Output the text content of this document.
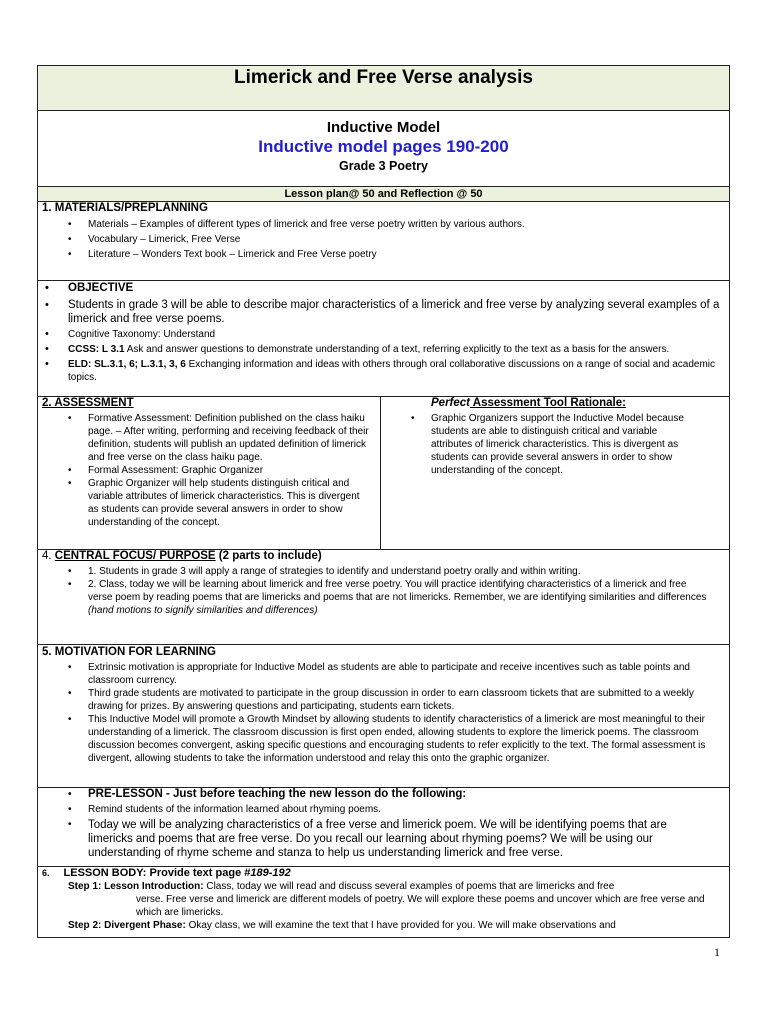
Limerick and Free Verse analysis

Inductive Model
Inductive model pages 190-200
Grade 3 Poetry

Lesson plan@ 50 and Reflection @ 50

1. MATERIALS/PREPLANNING
• Materials – Examples of different types of limerick and free verse poetry written by various authors.
• Vocabulary – Limerick, Free Verse
• Literature – Wonders Text book – Limerick and Free Verse poetry

• OBJECTIVE
• Students in grade 3 will be able to describe major characteristics of a limerick and free verse by analyzing several examples of a limerick and free verse poems.
• Cognitive Taxonomy: Understand
• CCSS: L 3.1 Ask and answer questions to demonstrate understanding of a text, referring explicitly to the text as a basis for the answers.
• ELD: SL.3.1, 6; L.3.1, 3, 6 Exchanging information and ideas with others through oral collaborative discussions on a range of social and academic topics.

2. ASSESSMENT
• Formative Assessment: Definition published on the class haiku page. – After writing, performing and receiving feedback of their definition, students will publish an updated definition of limerick and free verse on the class haiku page.
• Formal Assessment: Graphic Organizer
• Graphic Organizer will help students distinguish critical and variable attributes of limerick characteristics. This is divergent as students can provide several answers in order to show understanding of the concept.

Perfect Assessment Tool Rationale:
• Graphic Organizers support the Inductive Model because students are able to distinguish critical and variable attributes of limerick characteristics. This is divergent as students can provide several answers in order to show understanding of the concept.

4. CENTRAL FOCUS/ PURPOSE (2 parts to include)
• 1. Students in grade 3 will apply a range of strategies to identify and understand poetry orally and within writing.
• 2. Class, today we will be learning about limerick and free verse poetry. You will practice identifying characteristics of a limerick and free verse poem by reading poems that are limericks and poems that are not limericks. Remember, we are identifying similarities and differences (hand motions to signify similarities and differences)

5. MOTIVATION FOR LEARNING
• Extrinsic motivation is appropriate for Inductive Model as students are able to participate and receive incentives such as table points and classroom currency.
• Third grade students are motivated to participate in the group discussion in order to earn classroom tickets that are submitted to a weekly drawing for prizes. By answering questions and participating, students earn tickets.
• This Inductive Model will promote a Growth Mindset by allowing students to identify characteristics of a limerick are most meaningful to their understanding of a limerick. The classroom discussion is first open ended, allowing students to explore the limerick poems. The classroom discussion becomes convergent, asking specific questions and encouraging students to refer explicitly to the text. The formal assessment is divergent, allowing students to take the information understood and relay this onto the graphic organizer.

• PRE-LESSON - Just before teaching the new lesson do the following:
• Remind students of the information learned about rhyming poems.
• Today we will be analyzing characteristics of a free verse and limerick poem. We will be identifying poems that are limericks and poems that are free verse. Do you recall our learning about rhyming poems? We will be using our understanding of rhyme scheme and stanza to help us understanding limerick and free verse.

6. LESSON BODY: Provide text page #189-192
Step 1: Lesson Introduction: Class, today we will read and discuss several examples of poems that are limericks and free
verse. Free verse and limerick are different models of poetry. We will explore these poems and uncover which are free verse and which are limericks.
Step 2: Divergent Phase: Okay class, we will examine the text that I have provided for you. We will make observations and
1
